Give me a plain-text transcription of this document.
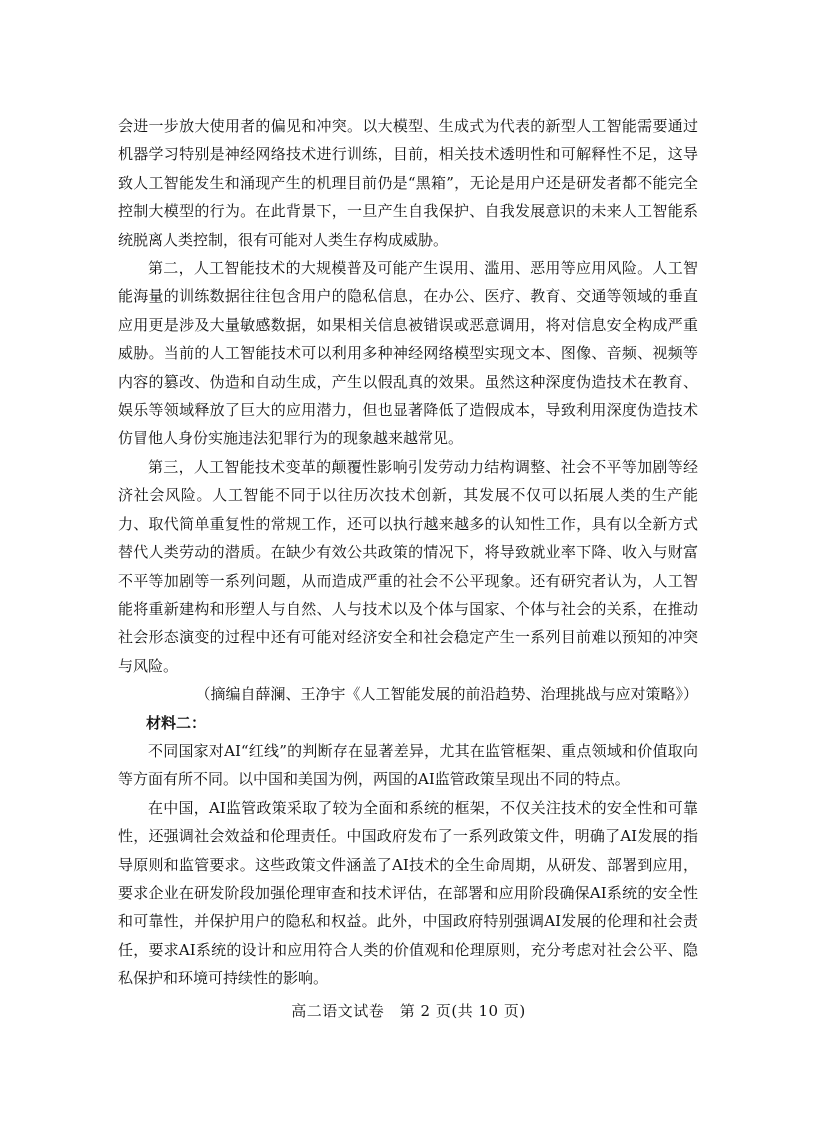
会进一步放大使用者的偏见和冲突。以大模型、生成式为代表的新型人工智能需要通过机器学习特别是神经网络技术进行训练，目前，相关技术透明性和可解释性不足，这导致人工智能发生和涌现产生的机理目前仍是“黑箱”，无论是用户还是研发者都不能完全控制大模型的行为。在此背景下，一旦产生自我保护、自我发展意识的未来人工智能系统脱离人类控制，很有可能对人类生存构成威胁。

第二，人工智能技术的大规模普及可能产生误用、滥用、恶用等应用风险。人工智能海量的训练数据往往包含用户的隐私信息，在办公、医疗、教育、交通等领域的垂直应用更是涉及大量敏感数据，如果相关信息被错误或恶意调用，将对信息安全构成严重威胁。当前的人工智能技术可以利用多种神经网络模型实现文本、图像、音频、视频等内容的篡改、伪造和自动生成，产生以假乱真的效果。虽然这种深度伪造技术在教育、娱乐等领域释放了巨大的应用潜力，但也显著降低了造假成本，导致利用深度伪造技术仿冒他人身份实施违法犯罪行为的现象越来越常见。

第三，人工智能技术变革的颠覆性影响引发劳动力结构调整、社会不平等加剧等经济社会风险。人工智能不同于以往历次技术创新，其发展不仅可以拓展人类的生产能力、取代简单重复性的常规工作，还可以执行越来越多的认知性工作，具有以全新方式替代人类劳动的潜质。在缺少有效公共政策的情况下，将导致就业率下降、收入与财富不平等加剧等一系列问题，从而造成严重的社会不公平现象。还有研究者认为，人工智能将重新建构和形塑人与自然、人与技术以及个体与国家、个体与社会的关系，在推动社会形态演变的过程中还有可能对经济安全和社会稳定产生一系列目前难以预知的冲突与风险。

（摘编自薛澜、王净宇《人工智能发展的前沿趋势、治理挑战与应对策略》）

材料二：

不同国家对AI“红线”的判断存在显著差异，尤其在监管框架、重点领域和价值取向等方面有所不同。以中国和美国为例，两国的AI监管政策呈现出不同的特点。

在中国，AI监管政策采取了较为全面和系统的框架，不仅关注技术的安全性和可靠性，还强调社会效益和伦理责任。中国政府发布了一系列政策文件，明确了AI发展的指导原则和监管要求。这些政策文件涵盖了AI技术的全生命周期，从研发、部署到应用，要求企业在研发阶段加强伦理审查和技术评估，在部署和应用阶段确保AI系统的安全性和可靠性，并保护用户的隐私和权益。此外，中国政府特别强调AI发展的伦理和社会责任，要求AI系统的设计和应用符合人类的价值观和伦理原则，充分考虑对社会公平、隐私保护和环境可持续性的影响。

高二语文试卷　第 2 页(共 10 页)
